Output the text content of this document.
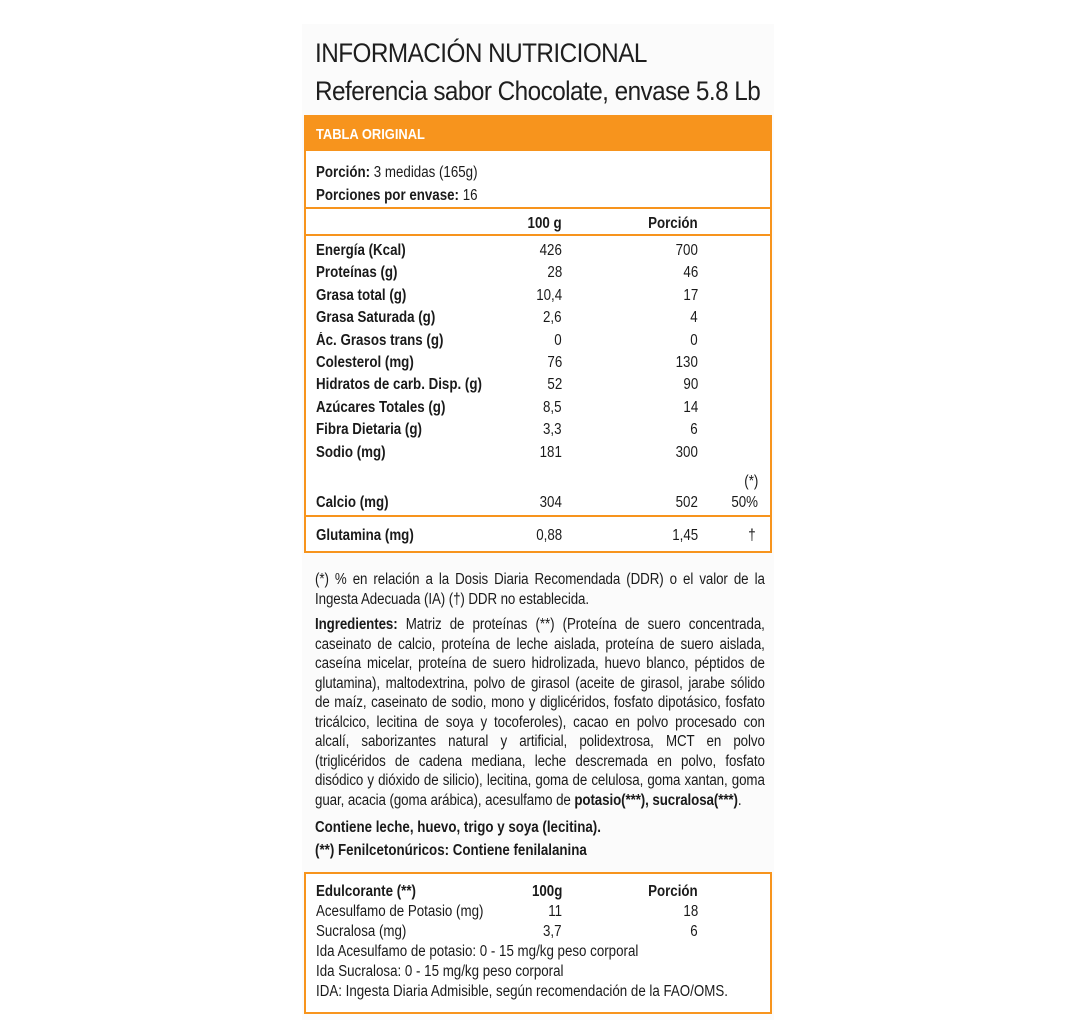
INFORMACIÓN NUTRICIONAL
Referencia sabor Chocolate, envase 5.8 Lb
TABLA ORIGINAL
Porción: 3 medidas (165g)
Porciones por envase: 16
100 g	Porción
Energía (Kcal)	426	700
Proteínas (g)	28	46
Grasa total (g)	10,4	17
Grasa Saturada (g)	2,6	4
Ác. Grasos trans (g)	0	0
Colesterol (mg)	76	130
Hidratos de carb. Disp. (g)	52	90
Azúcares Totales (g)	8,5	14
Fibra Dietaria (g)	3,3	6
Sodio (mg)	181	300
(*)
Calcio (mg)	304	502 50%
Glutamina (mg)	0,88	1,45	†

(*) % en relación a la Dosis Diaria Recomendada (DDR) o el valor de la Ingesta Adecuada (IA) (†) DDR no establecida.

Ingredientes: Matriz de proteínas (**) (Proteína de suero concentrada, caseinato de calcio, proteína de leche aislada, proteína de suero aislada, caseína micelar, proteína de suero hidrolizada, huevo blanco, péptidos de glutamina), maltodextrina, polvo de girasol (aceite de girasol, jarabe sólido de maíz, caseinato de sodio, mono y diglicéridos, fosfato dipotásico, fosfato tricálcico, lecitina de soya y tocoferoles), cacao en polvo procesado con alcalí, saborizantes natural y artificial, polidextrosa, MCT en polvo (triglicéridos de cadena mediana, leche descremada en polvo, fosfato disódico y dióxido de silicio), lecitina, goma de celulosa, goma xantan, goma guar, acacia (goma arábica), acesulfamo de potasio(***), sucralosa(***).

Contiene leche, huevo, trigo y soya (lecitina).
(**) Fenilcetonúricos: Contiene fenilalanina
Edulcorante (**)	100g	Porción
Acesulfamo de Potasio (mg)	11	18
Sucralosa (mg)	3,7	6
Ida Acesulfamo de potasio: 0 - 15 mg/kg peso corporal
Ida Sucralosa: 0 - 15 mg/kg peso corporal
IDA: Ingesta Diaria Admisible, según recomendación de la FAO/OMS.
